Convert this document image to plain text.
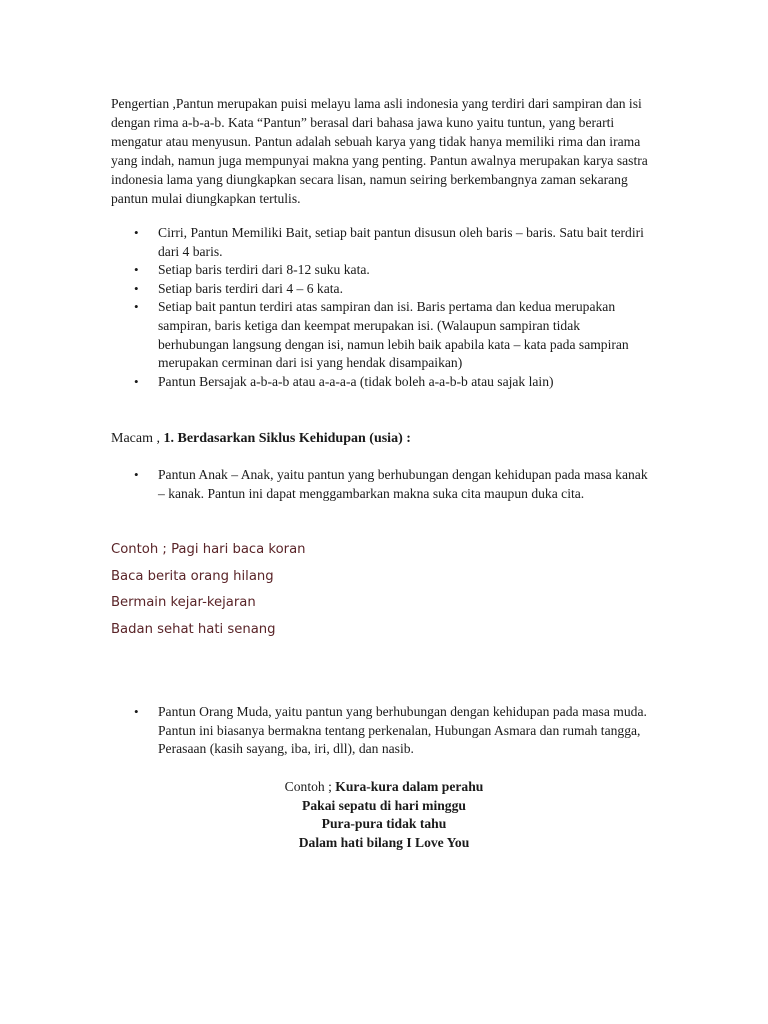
Pengertian ,Pantun merupakan puisi melayu lama asli indonesia yang terdiri dari sampiran dan isi dengan rima a-b-a-b. Kata “Pantun” berasal dari bahasa jawa kuno yaitu tuntun, yang berarti mengatur atau menyusun. Pantun adalah sebuah karya yang tidak hanya memiliki rima dan irama yang indah, namun juga mempunyai makna yang penting. Pantun awalnya merupakan karya sastra indonesia lama yang diungkapkan secara lisan, namun seiring berkembangnya zaman sekarang pantun mulai diungkapkan tertulis.

• Cirri, Pantun Memiliki Bait, setiap bait pantun disusun oleh baris – baris. Satu bait terdiri dari 4 baris.
• Setiap baris terdiri dari 8-12 suku kata.
• Setiap baris terdiri dari 4 – 6 kata.
• Setiap bait pantun terdiri atas sampiran dan isi. Baris pertama dan kedua merupakan sampiran, baris ketiga dan keempat merupakan isi. (Walaupun sampiran tidak berhubungan langsung dengan isi, namun lebih baik apabila kata – kata pada sampiran merupakan cerminan dari isi yang hendak disampaikan)
• Pantun Bersajak a-b-a-b atau a-a-a-a (tidak boleh a-a-b-b atau sajak lain)

Macam , 1. Berdasarkan Siklus Kehidupan (usia) :

• Pantun Anak – Anak, yaitu pantun yang berhubungan dengan kehidupan pada masa kanak – kanak. Pantun ini dapat menggambarkan makna suka cita maupun duka cita.
Contoh ; Pagi hari baca koran
Baca berita orang hilang
Bermain kejar-kejaran
Badan sehat hati senang
• Pantun Orang Muda, yaitu pantun yang berhubungan dengan kehidupan pada masa muda. Pantun ini biasanya bermakna tentang perkenalan, Hubungan Asmara dan rumah tangga, Perasaan (kasih sayang, iba, iri, dll), dan nasib.
Contoh ; Kura-kura dalam perahu
Pakai sepatu di hari minggu
Pura-pura tidak tahu
Dalam hati bilang I Love You
